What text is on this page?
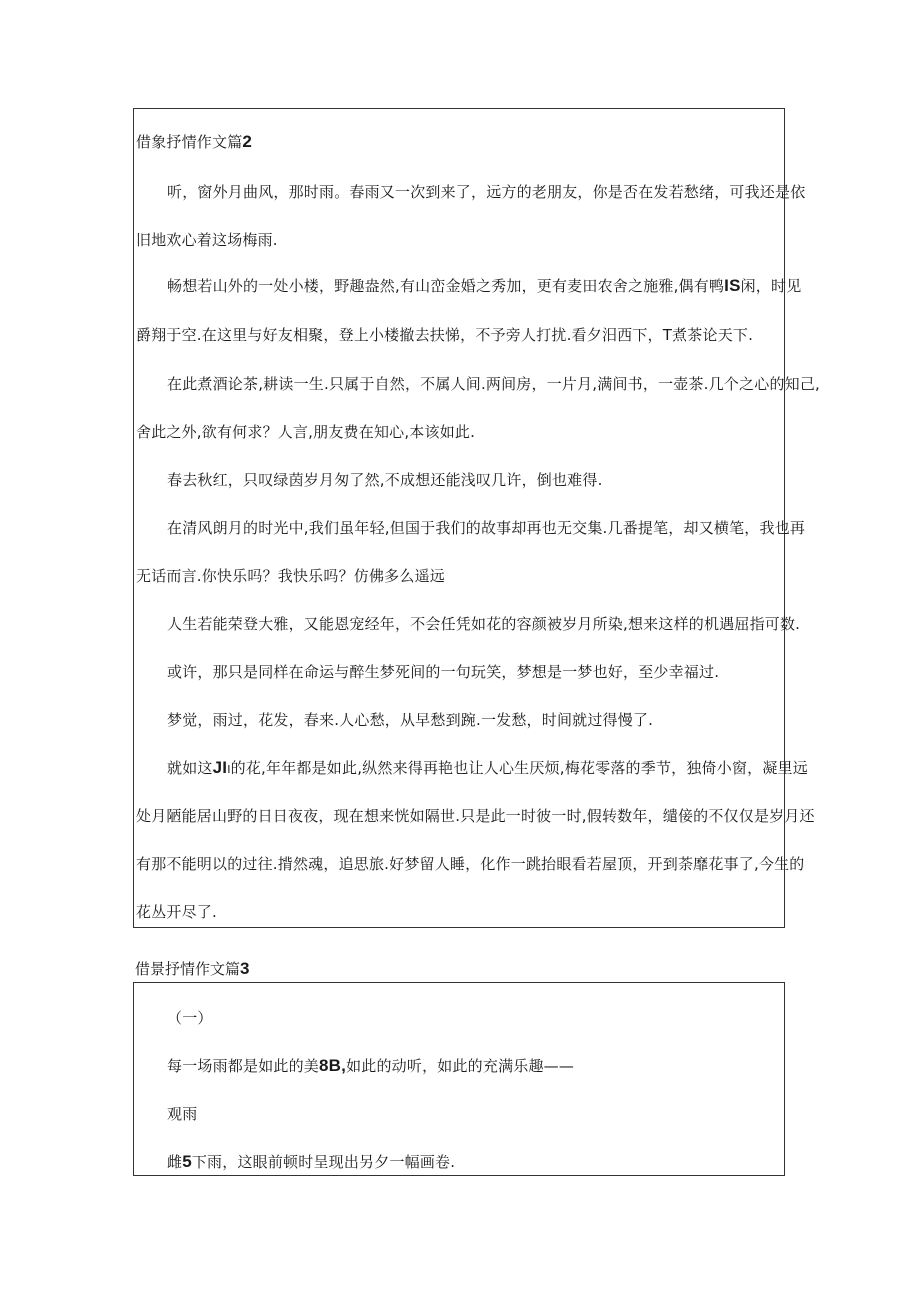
借象抒情作文篇2
听，窗外月曲风，那时雨。春雨又一次到来了，远方的老朋友，你是否在发若愁绪，可我还是依
旧地欢心着这场梅雨.
畅想若山外的一处小楼，野趣盎然,有山峦金婚之秀加，更有麦田农舍之施雅,偶有鸭IS闲，时见
爵翔于空.在这里与好友相聚，登上小楼撤去扶悌，不予旁人打扰.看夕汨西下，T煮茶论天下.
在此煮酒论茶,耕读一生.只属于自然，不属人间.两间房，一片月,满间书，一壶茶.几个之心的知己,
舍此之外,欲有何求？人言,朋友费在知心,本该如此.
春去秋红，只叹绿茵岁月匆了然,不成想还能浅叹几许，倒也难得.
在清风朗月的时光中,我们虽年轻,但国于我们的故事却再也无交集.几番提笔，却又横笔，我也再
无话而言.你快乐吗？我快乐吗？仿佛多么遥远
人生若能荣登大雅，又能恩宠经年，不会任凭如花的容颜被岁月所染,想来这样的机遇屈指可数.
或许，那只是同样在命运与醉生梦死间的一句玩笑，梦想是一梦也好，至少幸福过.
梦觉，雨过，花发，春来.人心愁，从早愁到踠.一发愁，时间就过得慢了.
就如这JII的花,年年都是如此,纵然来得再艳也让人心生厌烦,梅花零落的季节，独倚小窗，凝里远
处月陋能居山野的日日夜夜，现在想来恍如隔世.只是此一时彼一时,假转数年，缱倿的不仅仅是岁月还
有那不能明以的过往.揹然魂，追思旅.好梦留人睡，化作一跳抬眼看若屋顶，开到荼靡花事了,今生的
花丛开尽了.
借景抒情作文篇3
（一）
每一场雨都是如此的美8B,如此的动听，如此的充满乐趣——
观雨
雌5下雨，这眼前顿时呈现出另夕一幅画卷.
